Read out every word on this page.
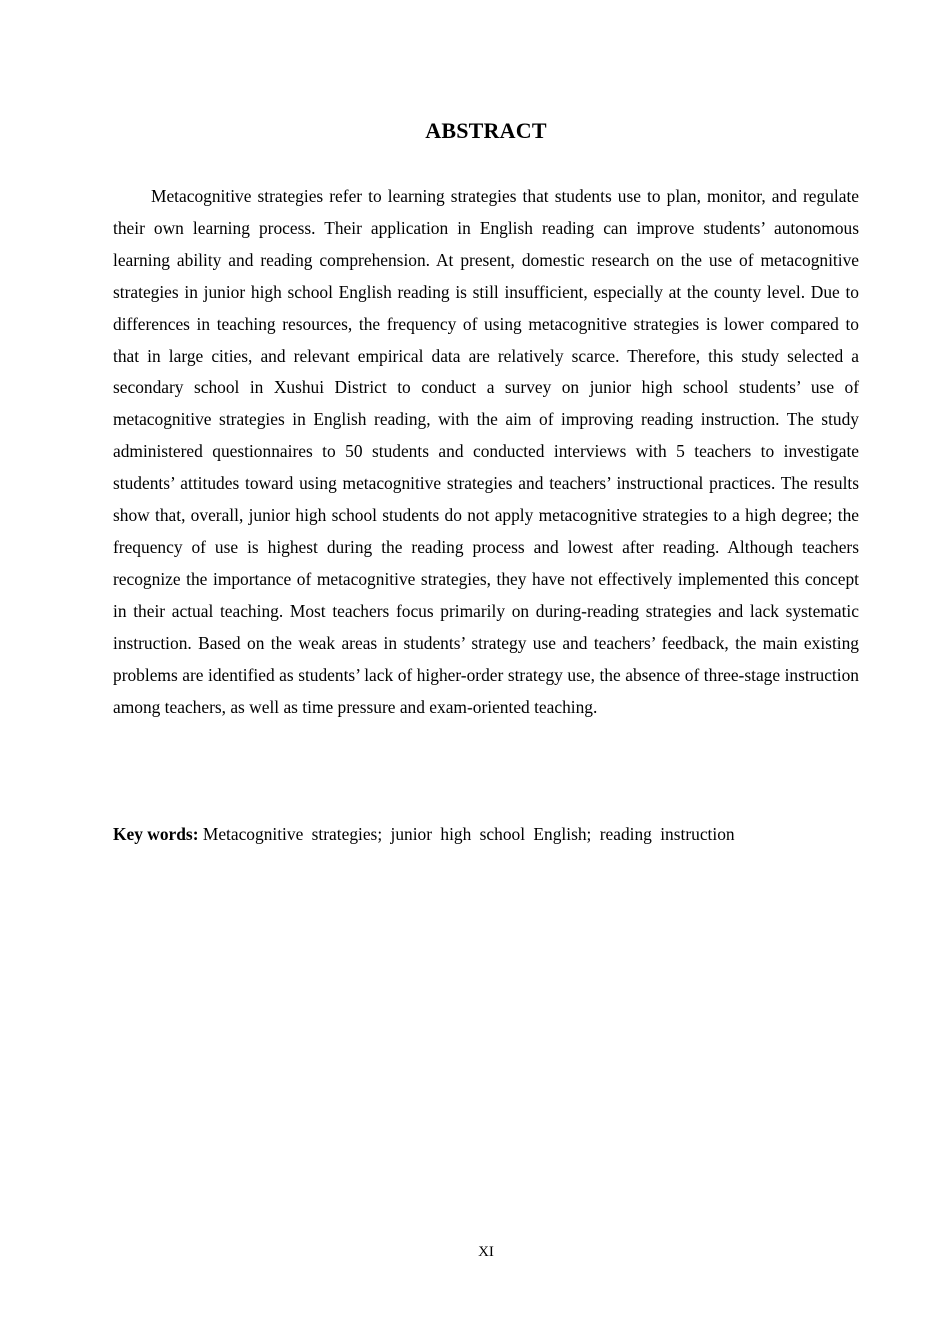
ABSTRACT

Metacognitive strategies refer to learning strategies that students use to plan, monitor, and regulate their own learning process. Their application in English reading can improve students’ autonomous learning ability and reading comprehension. At present, domestic research on the use of metacognitive strategies in junior high school English reading is still insufficient, especially at the county level. Due to differences in teaching resources, the frequency of using metacognitive strategies is lower compared to that in large cities, and relevant empirical data are relatively scarce. Therefore, this study selected a secondary school in Xushui District to conduct a survey on junior high school students’ use of metacognitive strategies in English reading, with the aim of improving reading instruction. The study administered questionnaires to 50 students and conducted interviews with 5 teachers to investigate students’ attitudes toward using metacognitive strategies and teachers’ instructional practices. The results show that, overall, junior high school students do not apply metacognitive strategies to a high degree; the frequency of use is highest during the reading process and lowest after reading. Although teachers recognize the importance of metacognitive strategies, they have not effectively implemented this concept in their actual teaching. Most teachers focus primarily on during-reading strategies and lack systematic instruction. Based on the weak areas in students’ strategy use and teachers’ feedback, the main existing problems are identified as students’ lack of higher-order strategy use, the absence of three-stage instruction among teachers, as well as time pressure and exam-oriented teaching.

Key words: Metacognitive strategies; junior high school English; reading instruction
XI
